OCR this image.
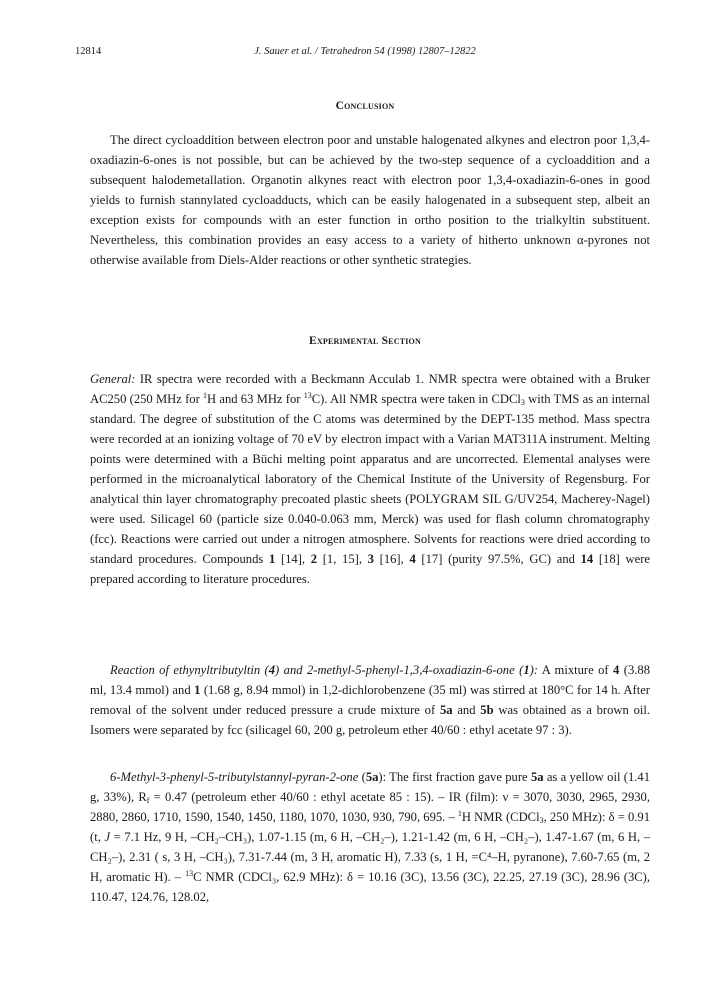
12814	J. Sauer et al. / Tetrahedron 54 (1998) 12807–12822
Conclusion

The direct cycloaddition between electron poor and unstable halogenated alkynes and electron poor 1,3,4-oxadiazin-6-ones is not possible, but can be achieved by the two-step sequence of a cycloaddition and a subsequent halodemetallation. Organotin alkynes react with electron poor 1,3,4-oxadiazin-6-ones in good yields to furnish stannylated cycloadducts, which can be easily halogenated in a subsequent step, albeit an exception exists for compounds with an ester function in ortho position to the trialkyltin substituent. Nevertheless, this combination provides an easy access to a variety of hitherto unknown α-pyrones not otherwise available from Diels-Alder reactions or other synthetic strategies.

Experimental Section

General: IR spectra were recorded with a Beckmann Acculab 1. NMR spectra were obtained with a Bruker AC250 (250 MHz for $^1$H and 63 MHz for $^{13}$C). All NMR spectra were taken in CDCl$_3$ with TMS as an internal standard. The degree of substitution of the C atoms was determined by the DEPT-135 method. Mass spectra were recorded at an ionizing voltage of 70 eV by electron impact with a Varian MAT311A instrument. Melting points were determined with a Büchi melting point apparatus and are uncorrected. Elemental analyses were performed in the microanalytical laboratory of the Chemical Institute of the University of Regensburg. For analytical thin layer chromatography precoated plastic sheets (POLYGRAM SIL G/UV254, Macherey-Nagel) were used. Silicagel 60 (particle size 0.040-0.063 mm, Merck) was used for flash column chromatography (fcc). Reactions were carried out under a nitrogen atmosphere. Solvents for reactions were dried according to standard procedures. Compounds 1 [14], 2 [1, 15], 3 [16], 4 [17] (purity 97.5%, GC) and 14 [18] were prepared according to literature procedures.

Reaction of ethynyltributyltin (4) and 2-methyl-5-phenyl-1,3,4-oxadiazin-6-one (1): A mixture of 4 (3.88 ml, 13.4 mmol) and 1 (1.68 g, 8.94 mmol) in 1,2-dichlorobenzene (35 ml) was stirred at 180°C for 14 h. After removal of the solvent under reduced pressure a crude mixture of 5a and 5b was obtained as a brown oil. Isomers were separated by fcc (silicagel 60, 200 g, petroleum ether 40/60 : ethyl acetate 97 : 3).

6-Methyl-3-phenyl-5-tributylstannyl-pyran-2-one (5a): The first fraction gave pure 5a as a yellow oil (1.41 g, 33%), $R_f = 0.47$ (petroleum ether 40/60 : ethyl acetate 85 : 15). – IR (film): ν = 3070, 3030, 2965, 2930, 2880, 2860, 1710, 1590, 1540, 1450, 1180, 1070, 1030, 930, 790, 695. – $^1$H NMR (CDCl$_3$, 250 MHz): δ = 0.91 (t, J = 7.1 Hz, 9 H, –CH₂–CH₃), 1.07-1.15 (m, 6 H, –CH₂–), 1.21-1.42 (m, 6 H, –CH₂–), 1.47-1.67 (m, 6 H, –CH₂–), 2.31 ( s, 3 H, –CH₃), 7.31-7.44 (m, 3 H, aromatic H), 7.33 (s, 1 H, =C⁴–H, pyranone), 7.60-7.65 (m, 2 H, aromatic H). – $^{13}$C NMR (CDCl₃, 62.9 MHz): δ = 10.16 (3C), 13.56 (3C), 22.25, 27.19 (3C), 28.96 (3C), 110.47, 124.76, 128.02,
